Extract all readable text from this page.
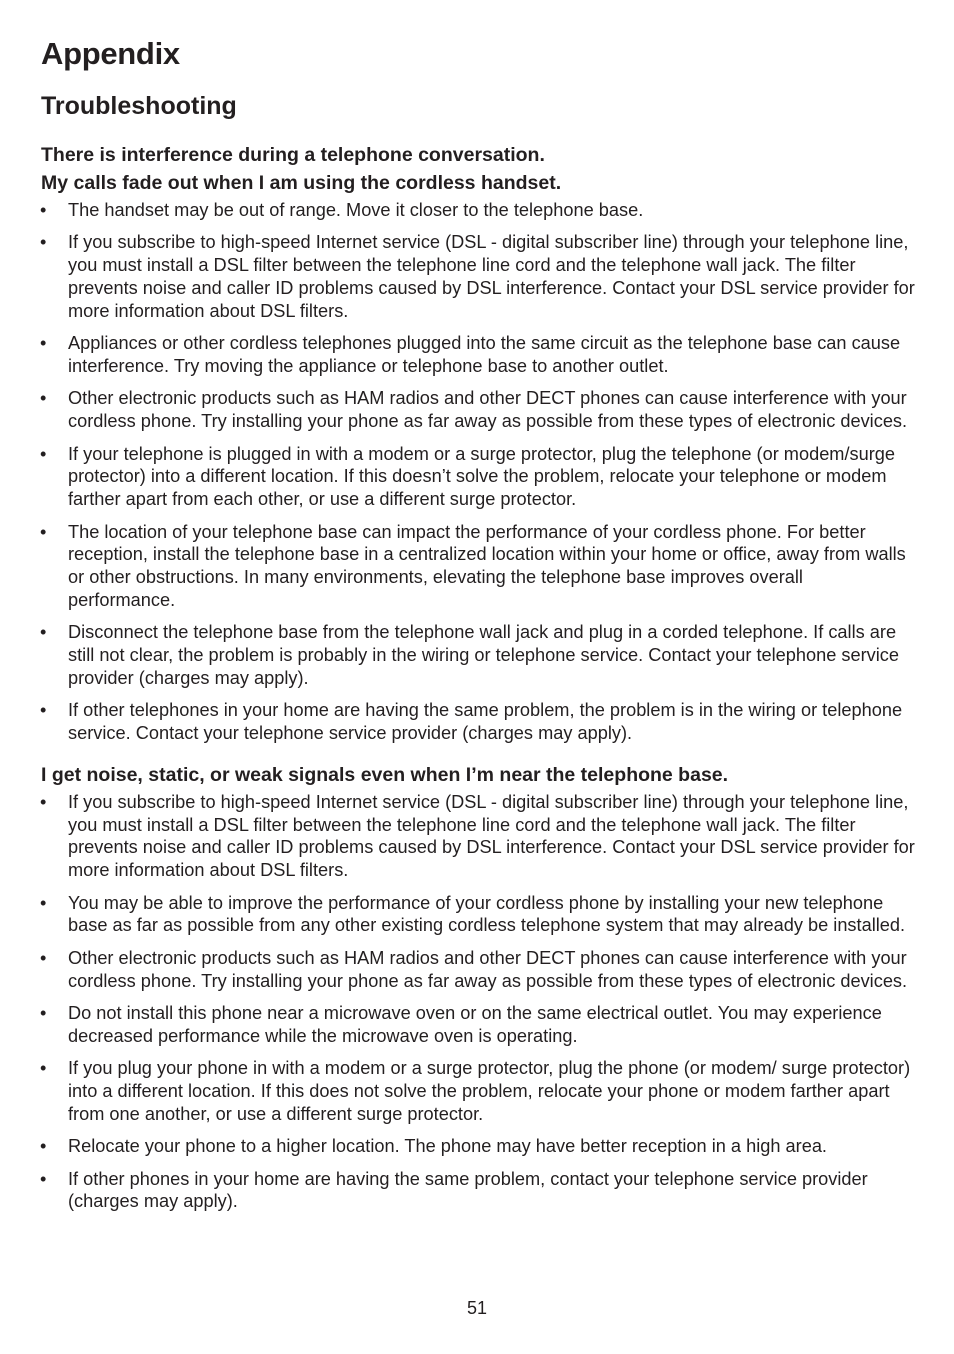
Appendix
Troubleshooting

There is interference during a telephone conversation.
My calls fade out when I am using the cordless handset.

• The handset may be out of range. Move it closer to the telephone base.
• If you subscribe to high-speed Internet service (DSL - digital subscriber line) through your telephone line, you must install a DSL filter between the telephone line cord and the telephone wall jack. The filter prevents noise and caller ID problems caused by DSL interference. Contact your DSL service provider for more information about DSL filters.
• Appliances or other cordless telephones plugged into the same circuit as the telephone base can cause interference. Try moving the appliance or telephone base to another outlet.
• Other electronic products such as HAM radios and other DECT phones can cause interference with your cordless phone. Try installing your phone as far away as possible from these types of electronic devices.
• If your telephone is plugged in with a modem or a surge protector, plug the telephone (or modem/surge protector) into a different location. If this doesn’t solve the problem, relocate your telephone or modem farther apart from each other, or use a different surge protector.
• The location of your telephone base can impact the performance of your cordless phone. For better reception, install the telephone base in a centralized location within your home or office, away from walls or other obstructions. In many environments, elevating the telephone base improves overall performance.
• Disconnect the telephone base from the telephone wall jack and plug in a corded telephone. If calls are still not clear, the problem is probably in the wiring or telephone service. Contact your telephone service provider (charges may apply).
• If other telephones in your home are having the same problem, the problem is in the wiring or telephone service. Contact your telephone service provider (charges may apply).

I get noise, static, or weak signals even when I’m near the telephone base.

• If you subscribe to high-speed Internet service (DSL - digital subscriber line) through your telephone line, you must install a DSL filter between the telephone line cord and the telephone wall jack. The filter prevents noise and caller ID problems caused by DSL interference. Contact your DSL service provider for more information about DSL filters.
• You may be able to improve the performance of your cordless phone by installing your new telephone base as far as possible from any other existing cordless telephone system that may already be installed.
• Other electronic products such as HAM radios and other DECT phones can cause interference with your cordless phone. Try installing your phone as far away as possible from these types of electronic devices.
• Do not install this phone near a microwave oven or on the same electrical outlet. You may experience decreased performance while the microwave oven is operating.
• If you plug your phone in with a modem or a surge protector, plug the phone (or modem/ surge protector) into a different location. If this does not solve the problem, relocate your phone or modem farther apart from one another, or use a different surge protector.
• Relocate your phone to a higher location. The phone may have better reception in a high area.
• If other phones in your home are having the same problem, contact your telephone service provider (charges may apply).
51
